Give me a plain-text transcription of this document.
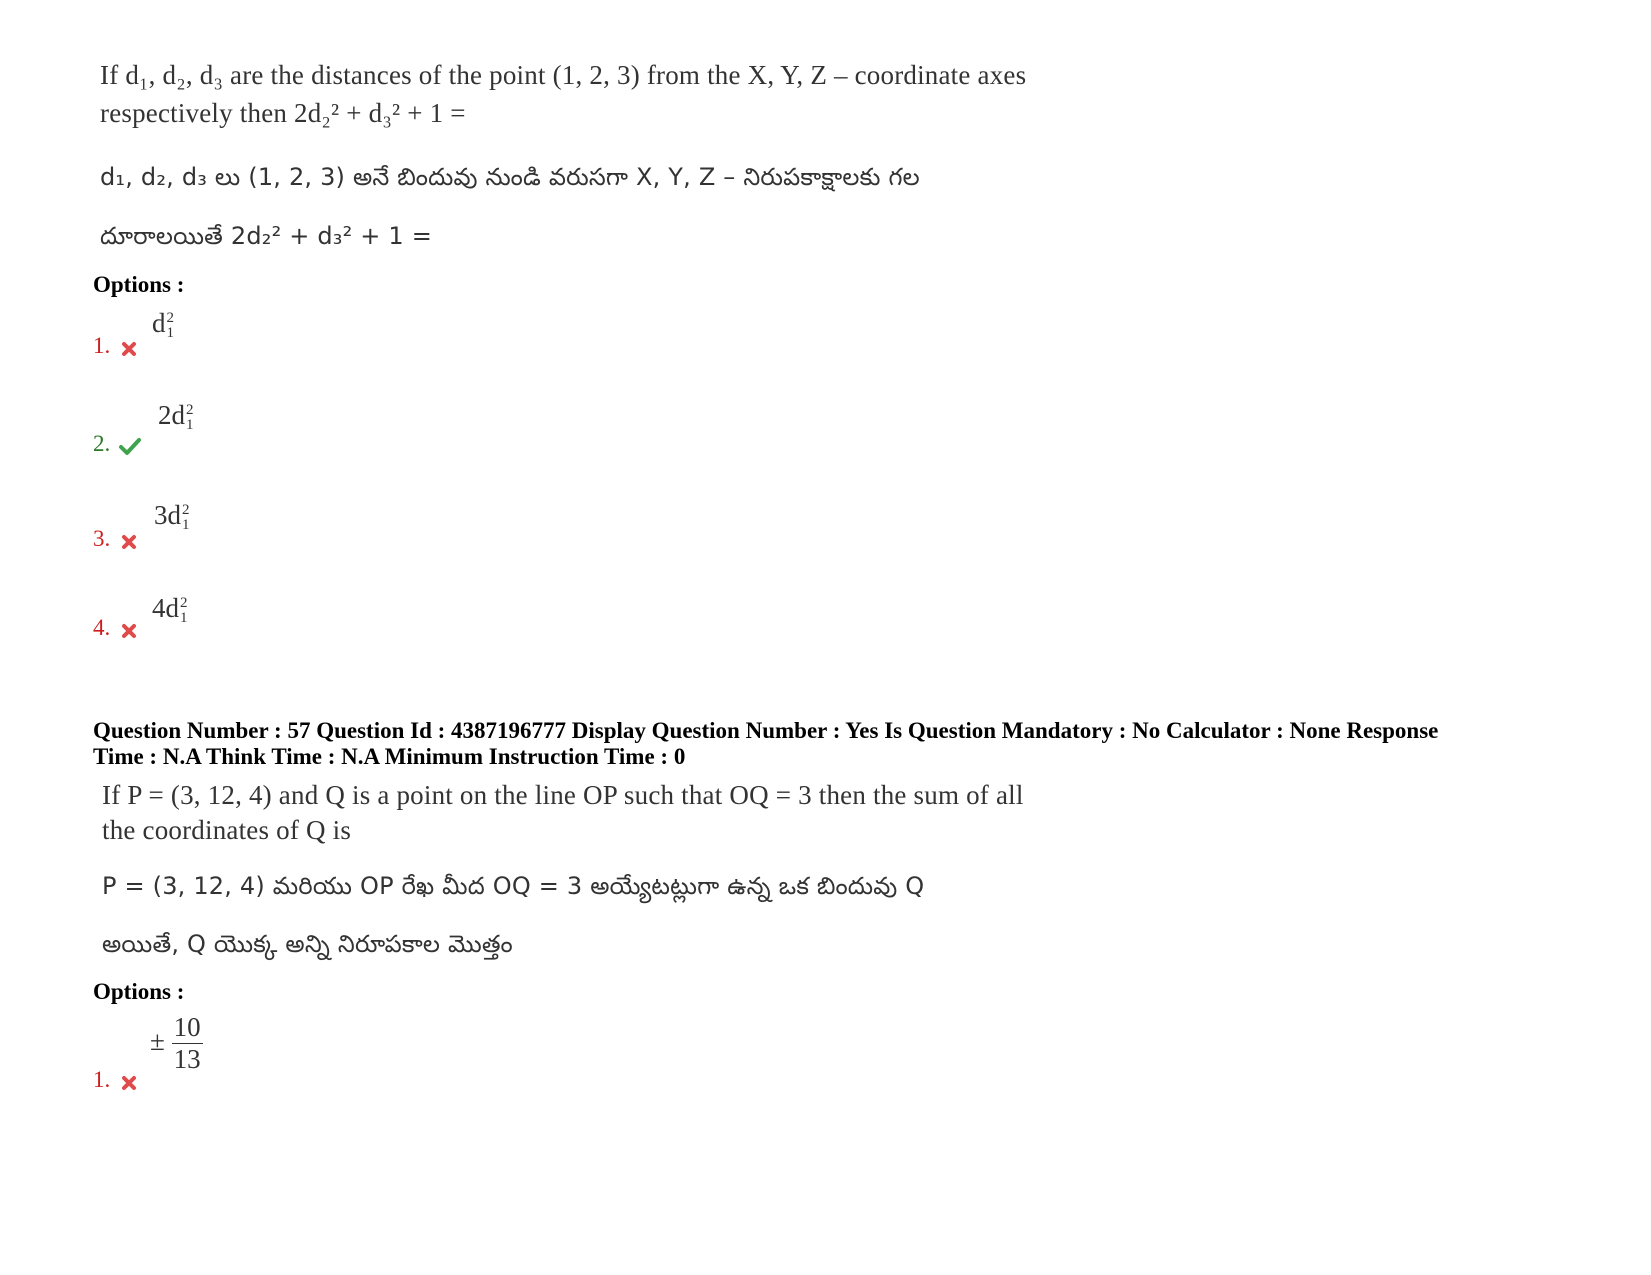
If d₁, d₂, d₃ are the distances of the point (1, 2, 3) from the X, Y, Z – coordinate axes
respectively then 2d₂² + d₃² + 1 =
d₁, d₂, d₃ లు (1, 2, 3) అనే బిందువు నుండి వరుసగా X, Y, Z – నిరుపకాక్షాలకు గల
దూరాలయితే 2d₂² + d₃² + 1 =
Options :
1.
d 2
1
2.
2d 2
1
3.
3d 2
1
4.
4d 2
1
Question Number : 57 Question Id : 4387196777 Display Question Number : Yes Is Question Mandatory : No Calculator : None Response
Time : N.A Think Time : N.A Minimum Instruction Time : 0
If P = (3, 12, 4) and Q is a point on the line OP such that OQ = 3 then the sum of all
the coordinates of Q is
P = (3, 12, 4) మరియు OP రేఖ మీద OQ = 3 అయ్యేటట్లుగా ఉన్న ఒక బిందువు Q
అయితే, Q యొక్క అన్ని నిరూపకాల మొత్తం
Options :
1.
± $\frac{10}{13}$
